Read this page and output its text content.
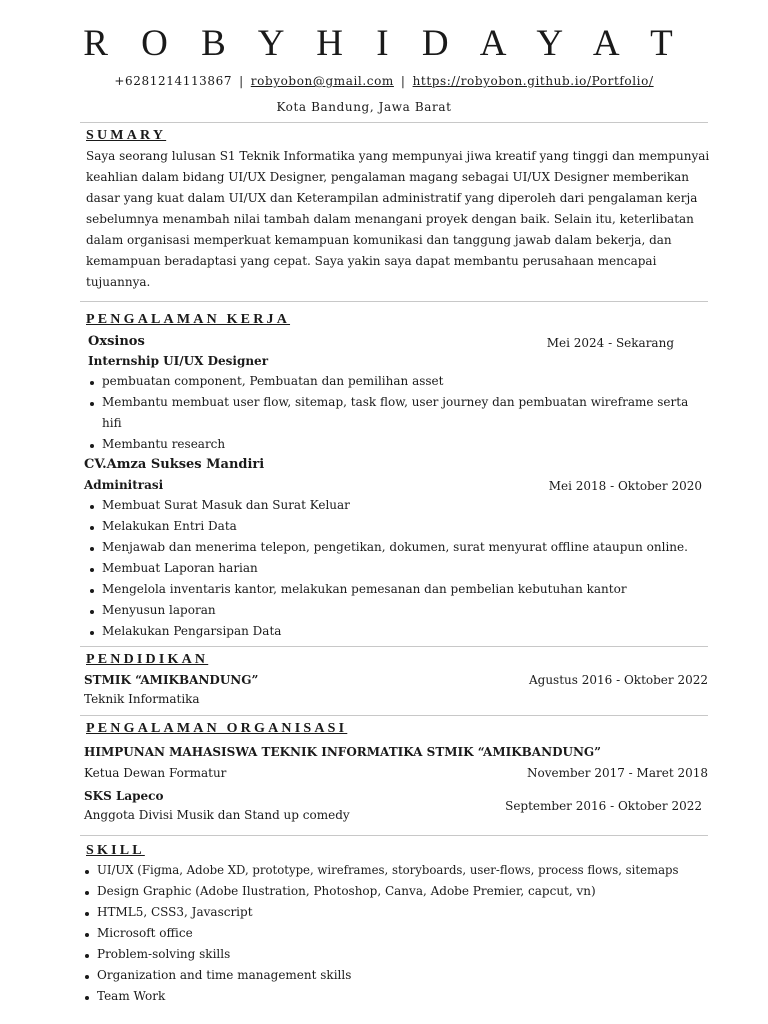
R O B Y H I D A Y A T
+6281214113867 | robyobon@gmail.com | https://robyobon.github.io/Portfolio/
Kota Bandung, Jawa Barat
SUMARY

Saya seorang lulusan S1 Teknik Informatika yang mempunyai jiwa kreatif yang tinggi dan mempunyai keahlian dalam bidang UI/UX Designer, pengalaman magang sebagai UI/UX Designer memberikan dasar yang kuat dalam UI/UX dan Keterampilan administratif yang diperoleh dari pengalaman kerja sebelumnya menambah nilai tambah dalam menangani proyek dengan baik. Selain itu, keterlibatan dalam organisasi memperkuat kemampuan komunikasi dan tanggung jawab dalam bekerja, dan kemampuan beradaptasi yang cepat. Saya yakin saya dapat membantu perusahaan mencapai tujuannya.

PENGALAMAN KERJA
Oxsinos	Mei 2024 - Sekarang
Internship UI/UX Designer
pembuatan component, Pembuatan dan pemilihan asset
Membantu membuat user flow, sitemap, task flow, user journey dan pembuatan wireframe serta hifi
Membantu research
CV.Amza Sukses Mandiri
Mei 2018 - Oktober 2020
Adminitrasi
Membuat Surat Masuk dan Surat Keluar
Melakukan Entri Data
Menjawab dan menerima telepon, pengetikan, dokumen, surat menyurat offline ataupun online.
Membuat Laporan harian
Mengelola inventaris kantor, melakukan pemesanan dan pembelian kebutuhan kantor
Menyusun laporan
Melakukan Pengarsipan Data
PENDIDIKAN
STMIK “AMIKBANDUNG”	Agustus 2016 - Oktober 2022
Teknik Informatika
PENGALAMAN ORGANISASI
HIMPUNAN MAHASISWA TEKNIK INFORMATIKA STMIK “AMIKBANDUNG”
Ketua Dewan Formatur	November 2017 - Maret 2018
SKS Lapeco
Anggota Divisi Musik dan Stand up comedy
September 2016 - Oktober 2022
SKILL
UI/UX (Figma, Adobe XD, prototype, wireframes, storyboards, user-flows, process flows, sitemaps
Design Graphic (Adobe Ilustration, Photoshop, Canva, Adobe Premier, capcut, vn)
HTML5, CSS3, Javascript
Microsoft office
Problem-solving skills
Organization and time management skills
Team Work
